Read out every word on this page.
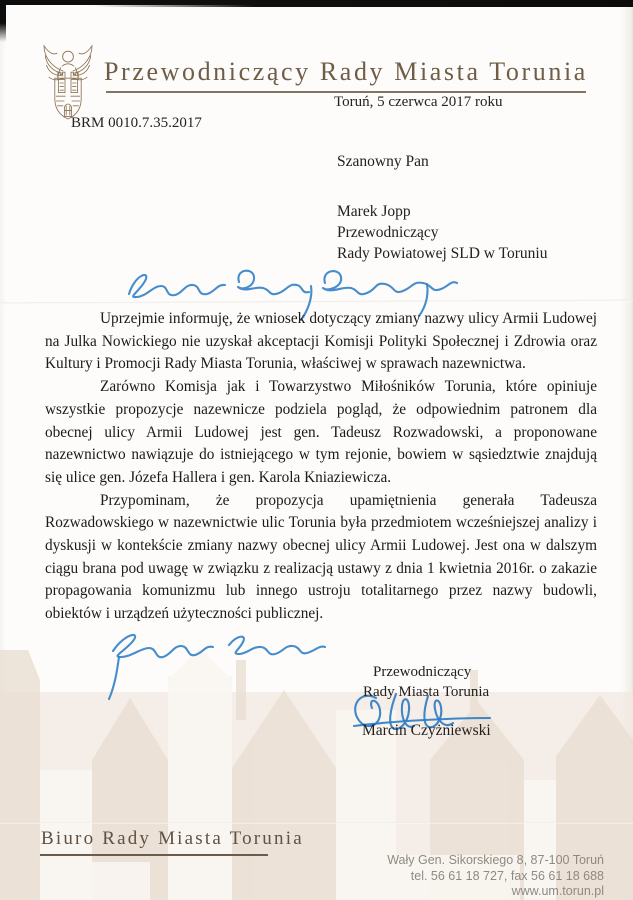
Przewodniczący Rady Miasta Torunia
Toruń, 5 czerwca 2017 roku
BRM 0010.7.35.2017
Szanowny Pan
Marek Jopp
Przewodniczący
Rady Powiatowej SLD w Toruniu

Uprzejmie informuję, że wniosek dotyczący zmiany nazwy ulicy Armii Ludowej na Julka Nowickiego nie uzyskał akceptacji Komisji Polityki Społecznej i Zdrowia oraz Kultury i Promocji Rady Miasta Torunia, właściwej w sprawach nazewnictwa.

Zarówno Komisja jak i Towarzystwo Miłośników Torunia, które opiniuje wszystkie propozycje nazewnicze podziela pogląd, że odpowiednim patronem dla obecnej ulicy Armii Ludowej jest gen. Tadeusz Rozwadowski, a proponowane nazewnictwo nawiązuje do istniejącego w tym rejonie, bowiem w sąsiedztwie znajdują się ulice gen. Józefa Hallera i gen. Karola Kniaziewicza.

Przypominam, że propozycja upamiętnienia generała Tadeusza Rozwadowskiego w nazewnictwie ulic Torunia była przedmiotem wcześniejszej analizy i dyskusji w kontekście zmiany nazwy obecnej ulicy Armii Ludowej. Jest ona w dalszym ciągu brana pod uwagę w związku z realizacją ustawy z dnia 1 kwietnia 2016r. o zakazie propagowania komunizmu lub innego ustroju totalitarnego przez nazwy budowli, obiektów i urządzeń użyteczności publicznej.

Przewodniczący
Rady Miasta Torunia
Marcin Czyżniewski
Biuro Rady Miasta Torunia
Wały Gen. Sikorskiego 8, 87-100 Toruń
tel. 56 61 18 727, fax 56 61 18 688
www.um.torun.pl
